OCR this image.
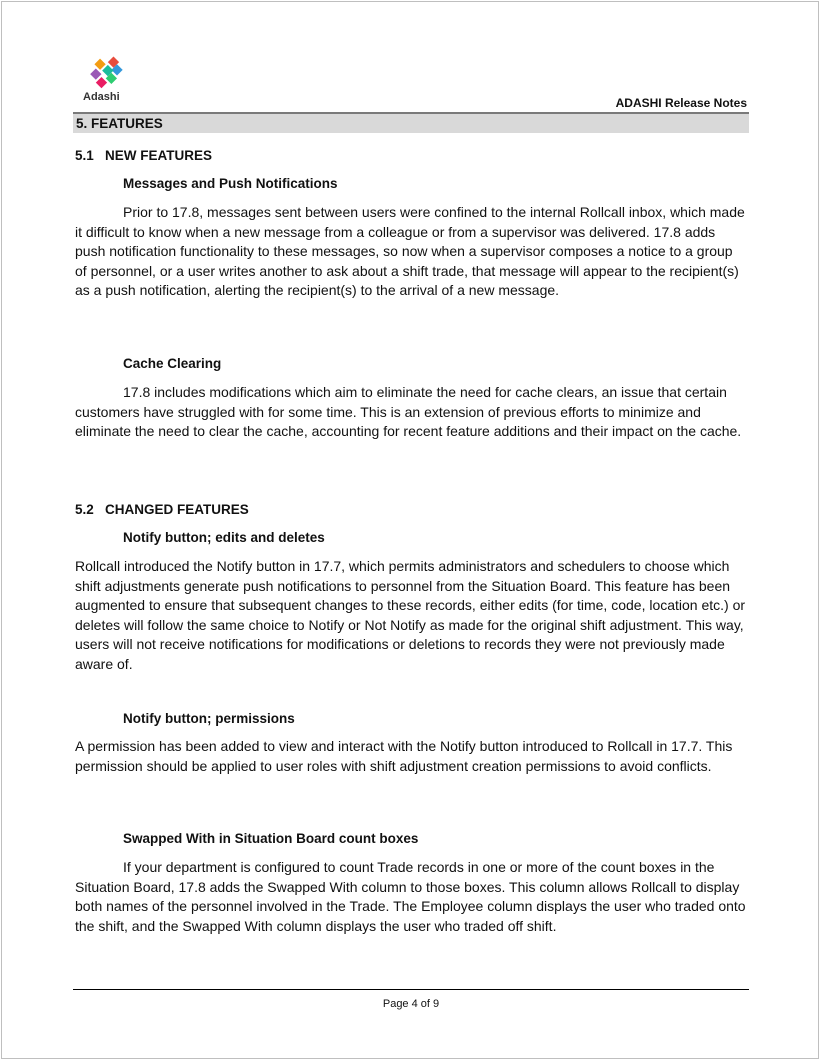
Adashi	ADASHI Release Notes
5. FEATURES
5.1 NEW FEATURES
Messages and Push Notifications
Prior to 17.8, messages sent between users were confined to the internal Rollcall inbox, which made it difficult to know when a new message from a colleague or from a supervisor was delivered. 17.8 adds push notification functionality to these messages, so now when a supervisor composes a notice to a group of personnel, or a user writes another to ask about a shift trade, that message will appear to the recipient(s) as a push notification, alerting the recipient(s) to the arrival of a new message.
Cache Clearing
17.8 includes modifications which aim to eliminate the need for cache clears, an issue that certain customers have struggled with for some time. This is an extension of previous efforts to minimize and eliminate the need to clear the cache, accounting for recent feature additions and their impact on the cache.
5.2 CHANGED FEATURES
Notify button; edits and deletes
Rollcall introduced the Notify button in 17.7, which permits administrators and schedulers to choose which shift adjustments generate push notifications to personnel from the Situation Board. This feature has been augmented to ensure that subsequent changes to these records, either edits (for time, code, location etc.) or deletes will follow the same choice to Notify or Not Notify as made for the original shift adjustment. This way, users will not receive notifications for modifications or deletions to records they were not previously made aware of.
Notify button; permissions
A permission has been added to view and interact with the Notify button introduced to Rollcall in 17.7. This permission should be applied to user roles with shift adjustment creation permissions to avoid conflicts.
Swapped With in Situation Board count boxes
If your department is configured to count Trade records in one or more of the count boxes in the Situation Board, 17.8 adds the Swapped With column to those boxes. This column allows Rollcall to display both names of the personnel involved in the Trade. The Employee column displays the user who traded onto the shift, and the Swapped With column displays the user who traded off shift.
Page 4 of 9
